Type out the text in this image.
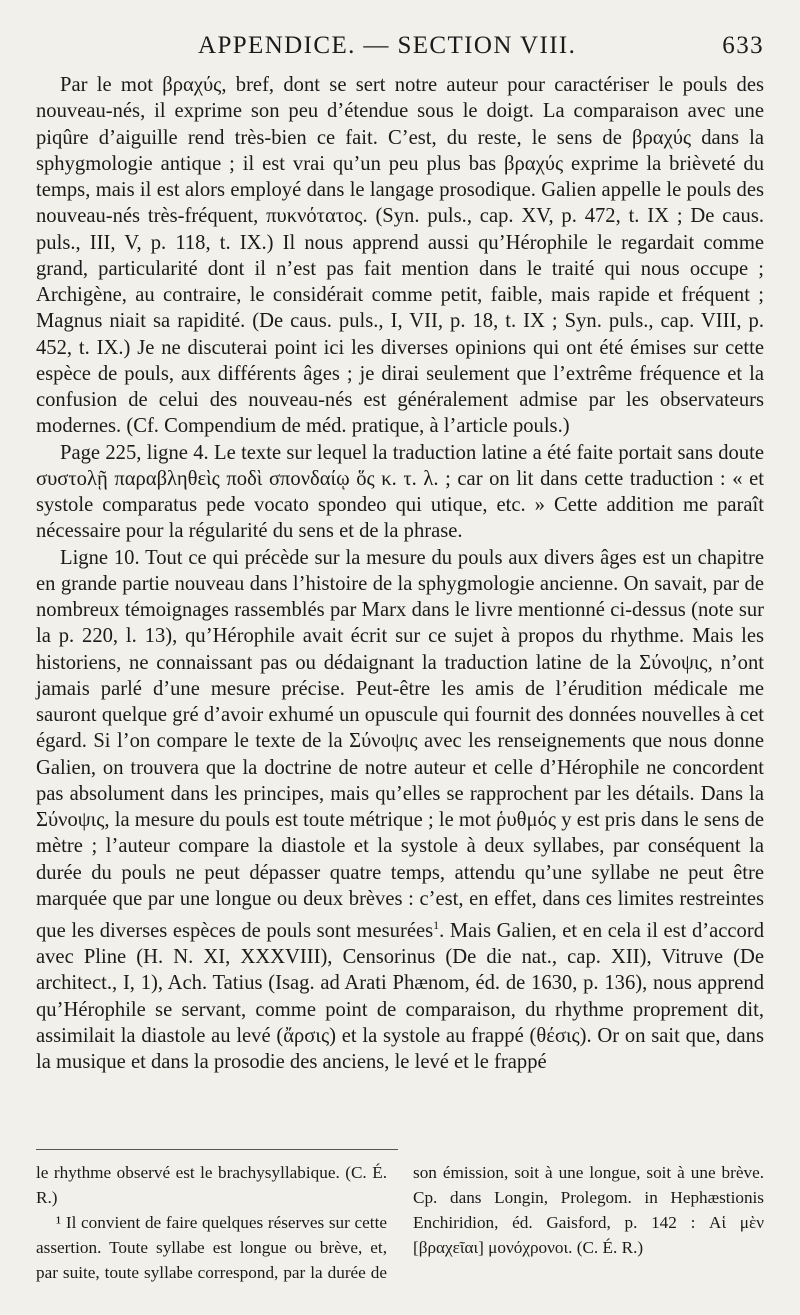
APPENDICE. — SECTION VIII.	633

Par le mot βραχύς, bref, dont se sert notre auteur pour caractériser le pouls des nouveau-nés, il exprime son peu d’étendue sous le doigt. La comparaison avec une piqûre d’aiguille rend très-bien ce fait. C’est, du reste, le sens de βραχύς dans la sphygmologie antique ; il est vrai qu’un peu plus bas βραχύς exprime la brièveté du temps, mais il est alors employé dans le langage prosodique. Galien appelle le pouls des nouveau-nés très-fréquent, πυκνότατος. (Syn. puls., cap. XV, p. 472, t. IX ; De caus. puls., III, V, p. 118, t. IX.) Il nous apprend aussi qu’Hérophile le regardait comme grand, particularité dont il n’est pas fait mention dans le traité qui nous occupe ; Archigène, au contraire, le considérait comme petit, faible, mais rapide et fréquent ; Magnus niait sa rapidité. (De caus. puls., I, VII, p. 18, t. IX ; Syn. puls., cap. VIII, p. 452, t. IX.) Je ne discuterai point ici les diverses opinions qui ont été émises sur cette espèce de pouls, aux différents âges ; je dirai seulement que l’extrême fréquence et la confusion de celui des nouveau-nés est généralement admise par les observateurs modernes. (Cf. Compendium de méd. pratique, à l’article pouls.)

Page 225, ligne 4. Le texte sur lequel la traduction latine a été faite portait sans doute συστολῇ παραβληθεὶς ποδὶ σπονδαίῳ ὅς κ. τ. λ. ; car on lit dans cette traduction : « et systole comparatus pede vocato spondeo qui utique, etc. » Cette addition me paraît nécessaire pour la régularité du sens et de la phrase.

Ligne 10. Tout ce qui précède sur la mesure du pouls aux divers âges est un chapitre en grande partie nouveau dans l’histoire de la sphygmologie ancienne. On savait, par de nombreux témoignages rassemblés par Marx dans le livre mentionné ci-dessus (note sur la p. 220, l. 13), qu’Hérophile avait écrit sur ce sujet à propos du rhythme. Mais les historiens, ne connaissant pas ou dédaignant la traduction latine de la Σύνοψις, n’ont jamais parlé d’une mesure précise. Peut-être les amis de l’érudition médicale me sauront quelque gré d’avoir exhumé un opuscule qui fournit des données nouvelles à cet égard. Si l’on compare le texte de la Σύνοψις avec les renseignements que nous donne Galien, on trouvera que la doctrine de notre auteur et celle d’Hérophile ne concordent pas absolument dans les principes, mais qu’elles se rapprochent par les détails. Dans la Σύνοψις, la mesure du pouls est toute métrique ; le mot ῥυθμός y est pris dans le sens de mètre ; l’auteur compare la diastole et la systole à deux syllabes, par conséquent la durée du pouls ne peut dépasser quatre temps, attendu qu’une syllabe ne peut être marquée que par une longue ou deux brèves : c’est, en effet, dans ces limites restreintes que les diverses espèces de pouls sont mesurées$^1$. Mais Galien, et en cela il est d’accord avec Pline (H. N. XI, XXXVIII), Censorinus (De die nat., cap. XII), Vitruve (De architect., I, 1), Ach. Tatius (Isag. ad Arati Phænom, éd. de 1630, p. 136), nous apprend qu’Hérophile se servant, comme point de comparaison, du rhythme proprement dit, assimilait la diastole au levé (ἄρσις) et la systole au frappé (θέσις). Or on sait que, dans la musique et dans la prosodie des anciens, le levé et le frappé

le rhythme observé est le brachysyllabique. (C. É. R.)

¹ Il convient de faire quelques réserves sur cette assertion. Toute syllabe est longue ou brève, et, par suite, toute syllabe correspond, par la durée de son émission, soit à une longue, soit à une brève. Cp. dans Longin, Prolegom. in Hephæstionis Enchiridion, éd. Gaisford, p. 142 : Αἱ μὲν [βραχεῖαι] μονόχρονοι. (C. É. R.)
